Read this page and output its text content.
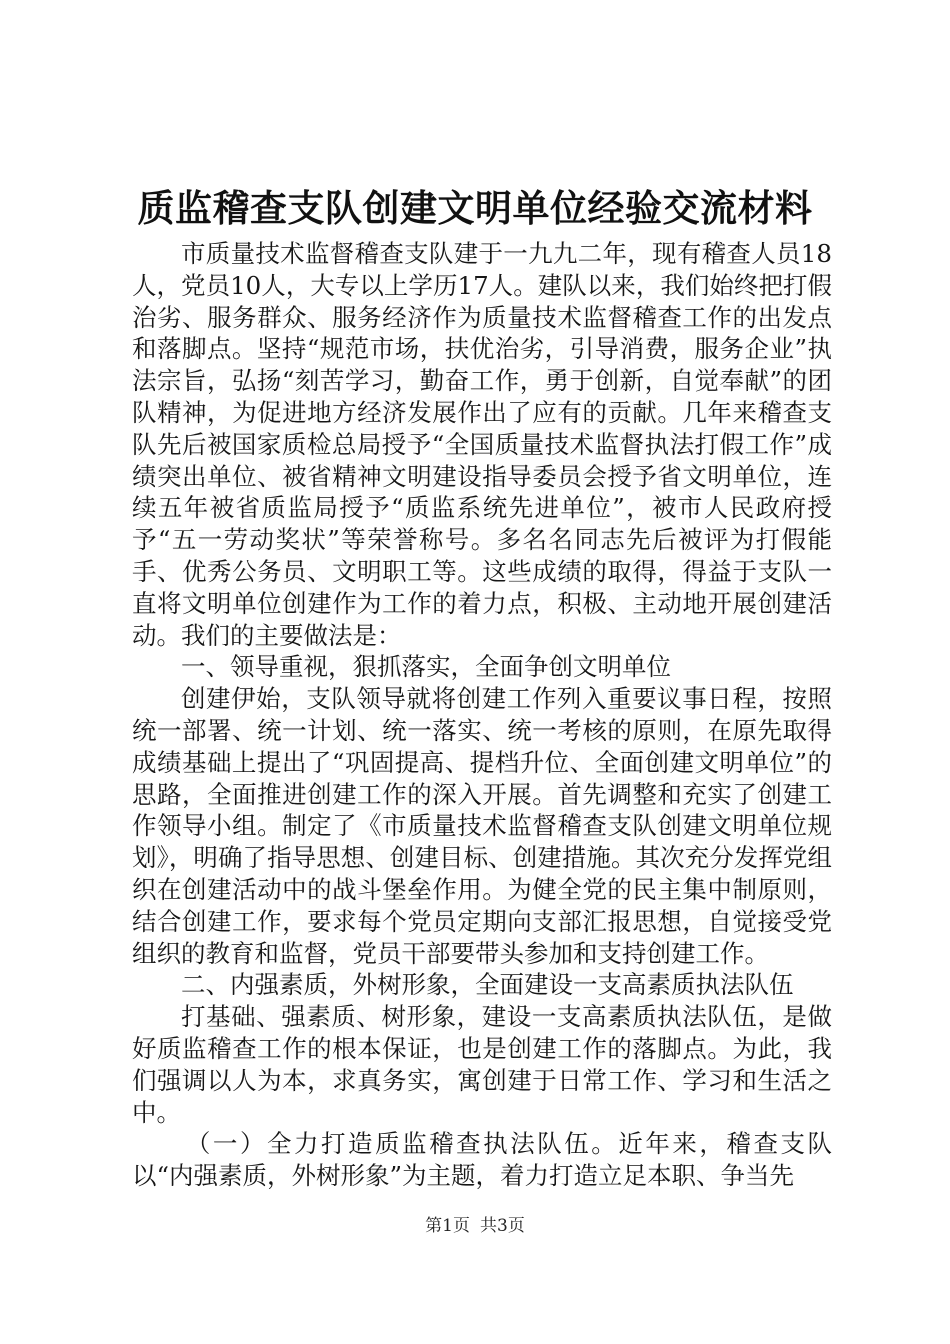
质监稽查支队创建文明单位经验交流材料

市质量技术监督稽查支队建于一九九二年，现有稽查人员18人，党员10人，大专以上学历17人。建队以来，我们始终把打假治劣、服务群众、服务经济作为质量技术监督稽查工作的出发点和落脚点。坚持“规范市场，扶优治劣，引导消费，服务企业”执法宗旨，弘扬“刻苦学习，勤奋工作，勇于创新，自觉奉献”的团队精神，为促进地方经济发展作出了应有的贡献。几年来稽查支队先后被国家质检总局授予“全国质量技术监督执法打假工作”成绩突出单位、被省精神文明建设指导委员会授予省文明单位，连续五年被省质监局授予“质监系统先进单位”，被市人民政府授予“五一劳动奖状”等荣誉称号。多名名同志先后被评为打假能手、优秀公务员、文明职工等。这些成绩的取得，得益于支队一直将文明单位创建作为工作的着力点，积极、主动地开展创建活动。我们的主要做法是：

一、领导重视，狠抓落实，全面争创文明单位

创建伊始，支队领导就将创建工作列入重要议事日程，按照统一部署、统一计划、统一落实、统一考核的原则，在原先取得成绩基础上提出了“巩固提高、提档升位、全面创建文明单位”的思路，全面推进创建工作的深入开展。首先调整和充实了创建工作领导小组。制定了《市质量技术监督稽查支队创建文明单位规划》，明确了指导思想、创建目标、创建措施。其次充分发挥党组织在创建活动中的战斗堡垒作用。为健全党的民主集中制原则，结合创建工作，要求每个党员定期向支部汇报思想，自觉接受党组织的教育和监督，党员干部要带头参加和支持创建工作。

二、内强素质，外树形象，全面建设一支高素质执法队伍

打基础、强素质、树形象，建设一支高素质执法队伍，是做好质监稽查工作的根本保证，也是创建工作的落脚点。为此，我们强调以人为本，求真务实，寓创建于日常工作、学习和生活之中。

（一）全力打造质监稽查执法队伍。近年来，稽查支队以“内强素质，外树形象”为主题，着力打造立足本职、争当先

第1页 共3页
